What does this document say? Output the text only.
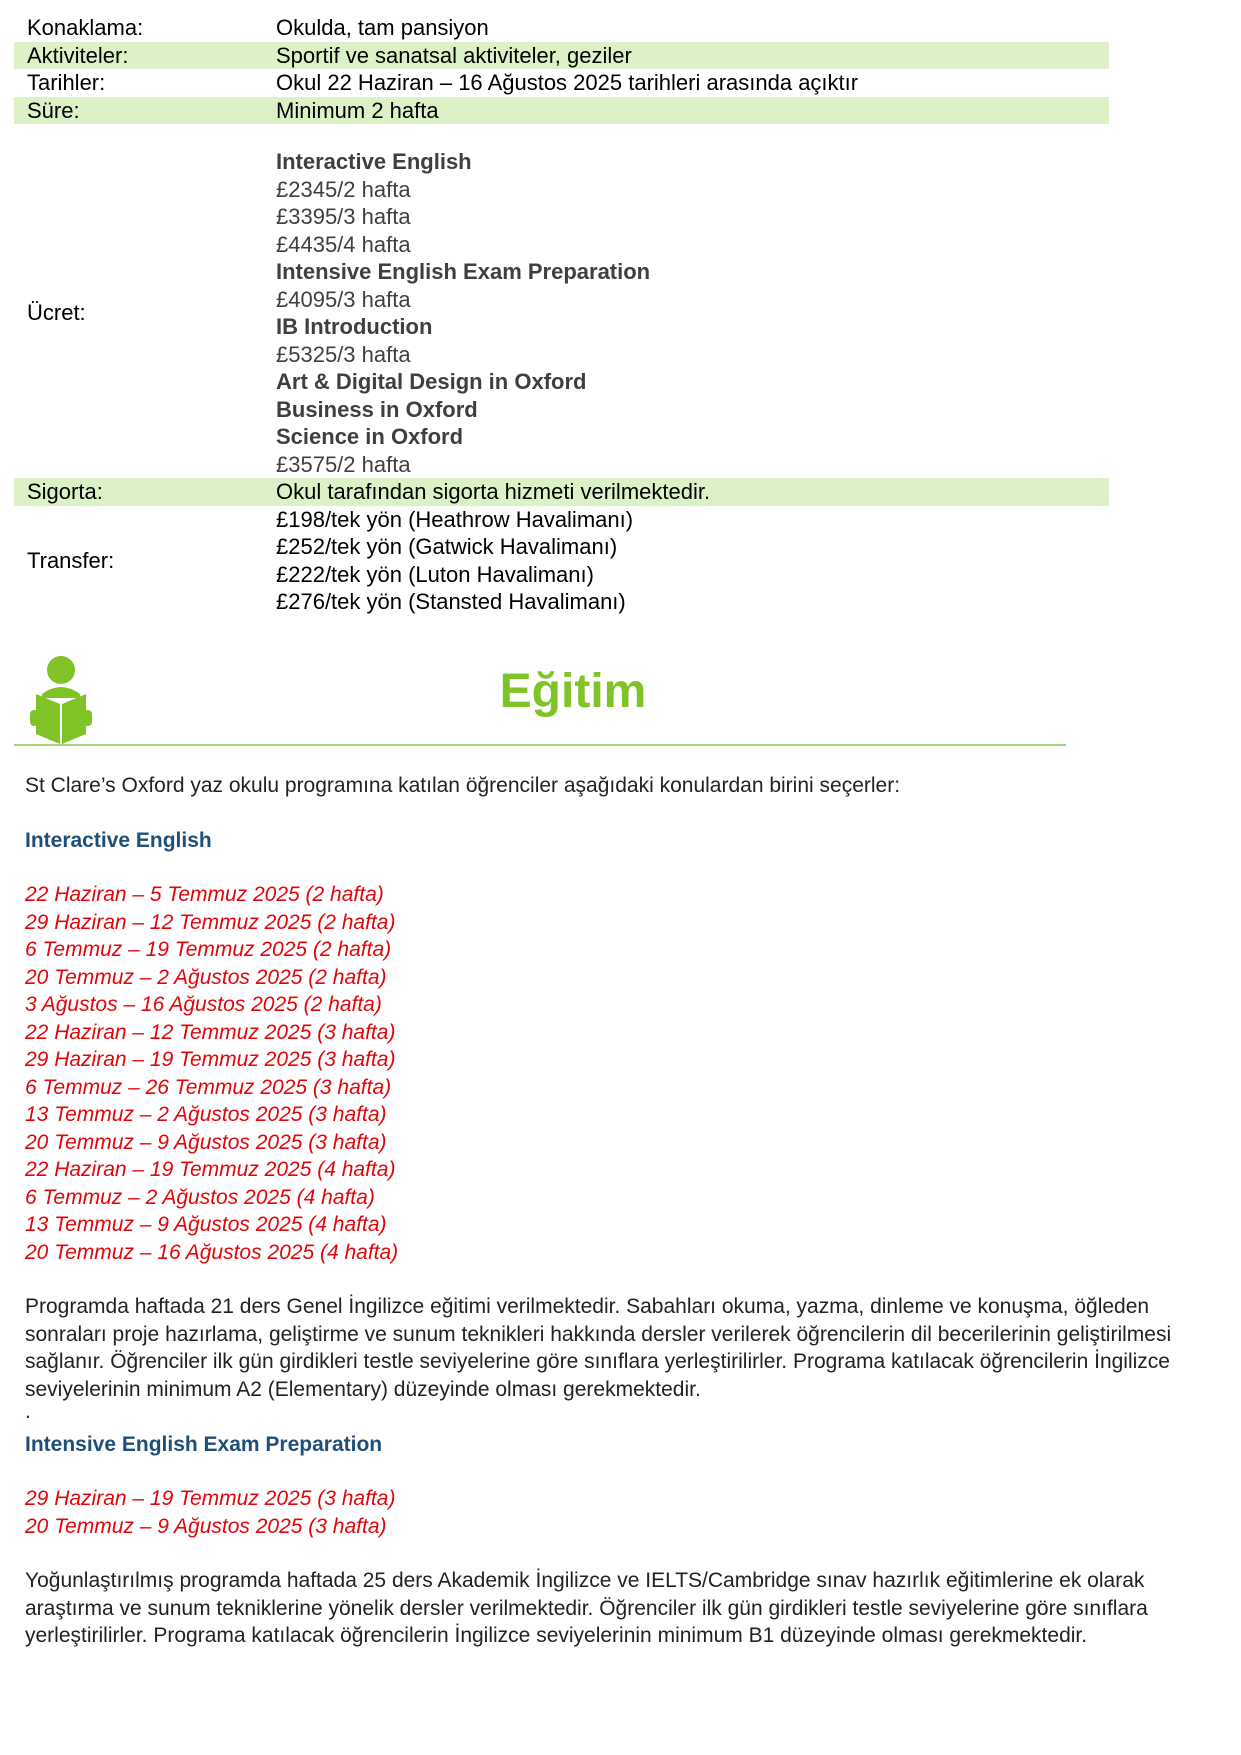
Konaklama:	Okulda, tam pansiyon
Aktiviteler:	Sportif ve sanatsal aktiviteler, geziler
Tarihler:	Okul 22 Haziran – 16 Ağustos 2025 tarihleri arasında açıktır
Süre:	Minimum 2 hafta
Ücret:
Interactive English
£2345/2 hafta
£3395/3 hafta
£4435/4 hafta
Intensive English Exam Preparation
£4095/3 hafta
IB Introduction
£5325/3 hafta
Art & Digital Design in Oxford
Business in Oxford
Science in Oxford
£3575/2 hafta
Sigorta:	Okul tarafından sigorta hizmeti verilmektedir.
Transfer:
£198/tek yön (Heathrow Havalimanı)
£252/tek yön (Gatwick Havalimanı)
£222/tek yön (Luton Havalimanı)
£276/tek yön (Stansted Havalimanı)
Eğitim

St Clare’s Oxford yaz okulu programına katılan öğrenciler aşağıdaki konulardan birini seçerler:

Interactive English
22 Haziran – 5 Temmuz 2025 (2 hafta)
29 Haziran – 12 Temmuz 2025 (2 hafta)
6 Temmuz – 19 Temmuz 2025 (2 hafta)
20 Temmuz – 2 Ağustos 2025 (2 hafta)
3 Ağustos – 16 Ağustos 2025 (2 hafta)
22 Haziran – 12 Temmuz 2025 (3 hafta)
29 Haziran – 19 Temmuz 2025 (3 hafta)
6 Temmuz – 26 Temmuz 2025 (3 hafta)
13 Temmuz – 2 Ağustos 2025 (3 hafta)
20 Temmuz – 9 Ağustos 2025 (3 hafta)
22 Haziran – 19 Temmuz 2025 (4 hafta)
6 Temmuz – 2 Ağustos 2025 (4 hafta)
13 Temmuz – 9 Ağustos 2025 (4 hafta)
20 Temmuz – 16 Ağustos 2025 (4 hafta)

Programda haftada 21 ders Genel İngilizce eğitimi verilmektedir. Sabahları okuma, yazma, dinleme ve konuşma, öğleden sonraları proje hazırlama, geliştirme ve sunum teknikleri hakkında dersler verilerek öğrencilerin dil becerilerinin geliştirilmesi sağlanır. Öğrenciler ilk gün girdikleri testle seviyelerine göre sınıflara yerleştirilirler. Programa katılacak öğrencilerin İngilizce seviyelerinin minimum A2 (Elementary) düzeyinde olması gerekmektedir.

.
Intensive English Exam Preparation
29 Haziran – 19 Temmuz 2025 (3 hafta)
20 Temmuz – 9 Ağustos 2025 (3 hafta)

Yoğunlaştırılmış programda haftada 25 ders Akademik İngilizce ve IELTS/Cambridge sınav hazırlık eğitimlerine ek olarak araştırma ve sunum tekniklerine yönelik dersler verilmektedir. Öğrenciler ilk gün girdikleri testle seviyelerine göre sınıflara yerleştirilirler. Programa katılacak öğrencilerin İngilizce seviyelerinin minimum B1 düzeyinde olması gerekmektedir.
